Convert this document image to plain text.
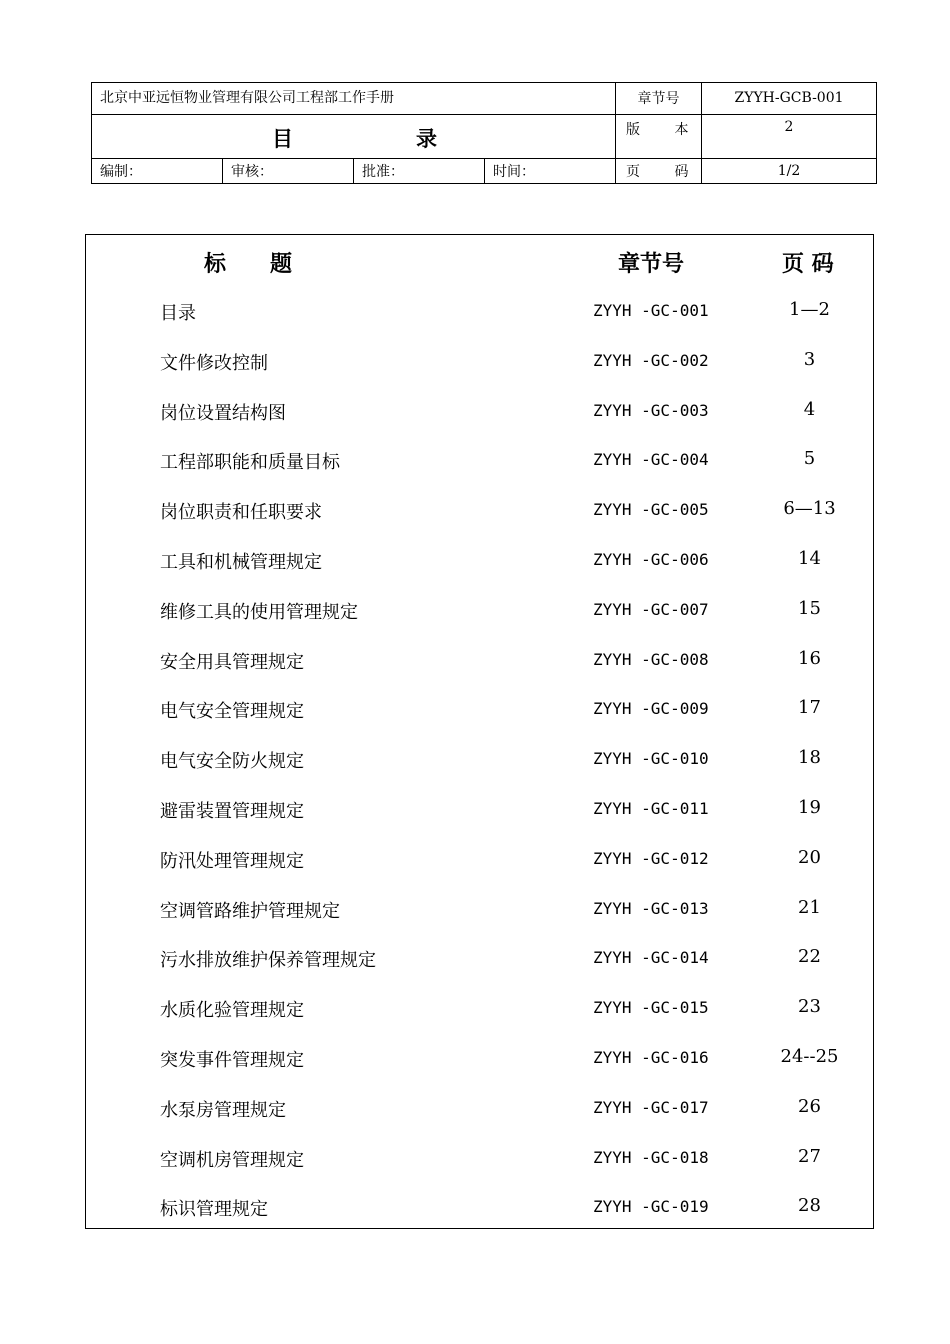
北京中亚远恒物业管理有限公司工程部工作手册				章节号	ZYYH-GCB-001

目 录				版 本	2
编制：	审核：	批准：	时间：	页 码	1/2
标　　题	章节号	页 码
目录	ZYYH -GC-001	1—2
文件修改控制	ZYYH -GC-002	3
岗位设置结构图	ZYYH -GC-003	4
工程部职能和质量目标	ZYYH -GC-004	5
岗位职责和任职要求	ZYYH -GC-005	6—13
工具和机械管理规定	ZYYH -GC-006	14
维修工具的使用管理规定	ZYYH -GC-007	15
安全用具管理规定	ZYYH -GC-008	16
电气安全管理规定	ZYYH -GC-009	17
电气安全防火规定	ZYYH -GC-010	18
避雷装置管理规定	ZYYH -GC-011	19
防汛处理管理规定	ZYYH -GC-012	20
空调管路维护管理规定	ZYYH -GC-013	21
污水排放维护保养管理规定	ZYYH -GC-014	22
水质化验管理规定	ZYYH -GC-015	23
突发事件管理规定	ZYYH -GC-016	24--25
水泵房管理规定	ZYYH -GC-017	26
空调机房管理规定	ZYYH -GC-018	27
标识管理规定	ZYYH -GC-019	28
